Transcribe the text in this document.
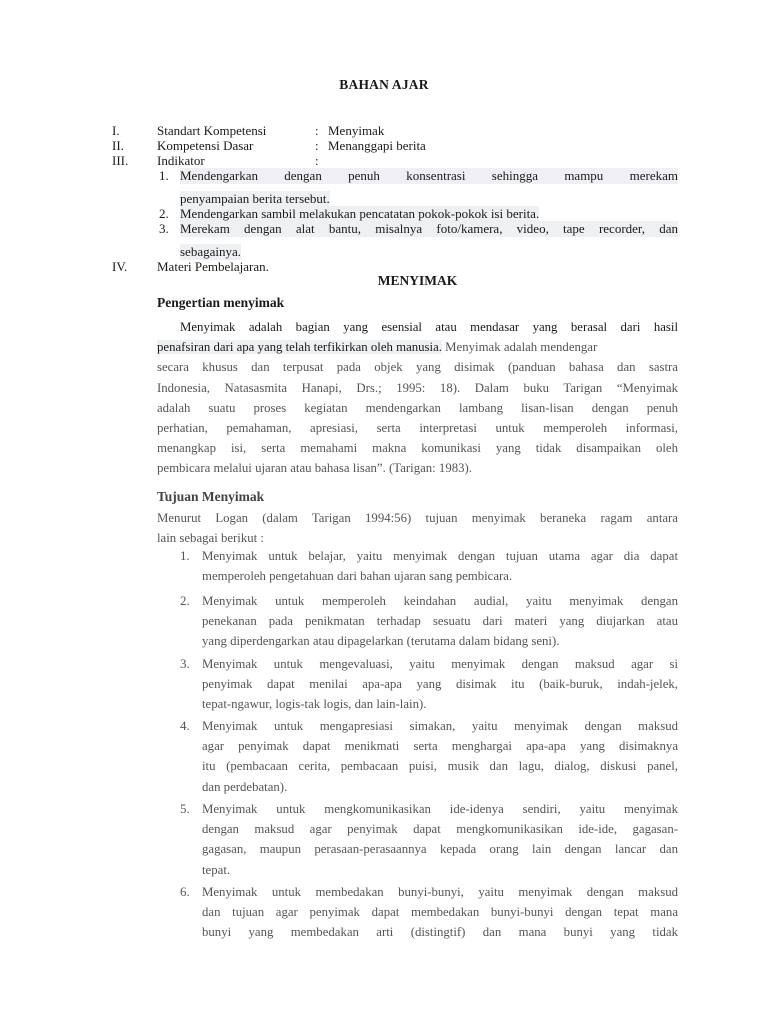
BAHAN AJAR
I.	Standart Kompetensi	: Menyimak
II.	Kompetensi Dasar	: Menanggapi berita
III. Indikator	:
1. Mendengarkan dengan penuh konsentrasi sehingga mampu merekam
penyampaian berita tersebut.
2. Mendengarkan sambil melakukan pencatatan pokok-pokok isi berita.
3. Merekam dengan alat bantu, misalnya foto/kamera, video, tape recorder, dan
sebagainya.
IV. Materi Pembelajaran.
MENYIMAK
Pengertian menyimak
Menyimak adalah bagian yang esensial atau mendasar yang berasal dari hasil
penafsiran dari apa yang telah terfikirkan oleh manusia. Menyimak adalah mendengar
secara khusus dan terpusat pada objek yang disimak (panduan bahasa dan sastra
Indonesia, Natasasmita Hanapi, Drs.; 1995: 18). Dalam buku Tarigan “Menyimak
adalah suatu proses kegiatan mendengarkan lambang lisan-lisan dengan penuh
perhatian, pemahaman, apresiasi, serta interpretasi untuk memperoleh informasi,
menangkap isi, serta memahami makna komunikasi yang tidak disampaikan oleh
pembicara melalui ujaran atau bahasa lisan”. (Tarigan: 1983).
Tujuan Menyimak
Menurut Logan (dalam Tarigan 1994:56) tujuan menyimak beraneka ragam antara
lain sebagai berikut :
1. Menyimak untuk belajar, yaitu menyimak dengan tujuan utama agar dia dapat
memperoleh pengetahuan dari bahan ujaran sang pembicara.
2. Menyimak untuk memperoleh keindahan audial, yaitu menyimak dengan
penekanan pada penikmatan terhadap sesuatu dari materi yang diujarkan atau
yang diperdengarkan atau dipagelarkan (terutama dalam bidang seni).
3. Menyimak untuk mengevaluasi, yaitu menyimak dengan maksud agar si
penyimak dapat menilai apa-apa yang disimak itu (baik-buruk, indah-jelek,
tepat-ngawur, logis-tak logis, dan lain-lain).
4. Menyimak untuk mengapresiasi simakan, yaitu menyimak dengan maksud
agar penyimak dapat menikmati serta menghargai apa-apa yang disimaknya
itu (pembacaan cerita, pembacaan puisi, musik dan lagu, dialog, diskusi panel,
dan perdebatan).
5. Menyimak untuk mengkomunikasikan ide-idenya sendiri, yaitu menyimak
dengan maksud agar penyimak dapat mengkomunikasikan ide-ide, gagasan-
gagasan, maupun perasaan-perasaannya kepada orang lain dengan lancar dan
tepat.
6. Menyimak untuk membedakan bunyi-bunyi, yaitu menyimak dengan maksud
dan tujuan agar penyimak dapat membedakan bunyi-bunyi dengan tepat mana
bunyi yang membedakan arti (distingtif) dan mana bunyi yang tidak
